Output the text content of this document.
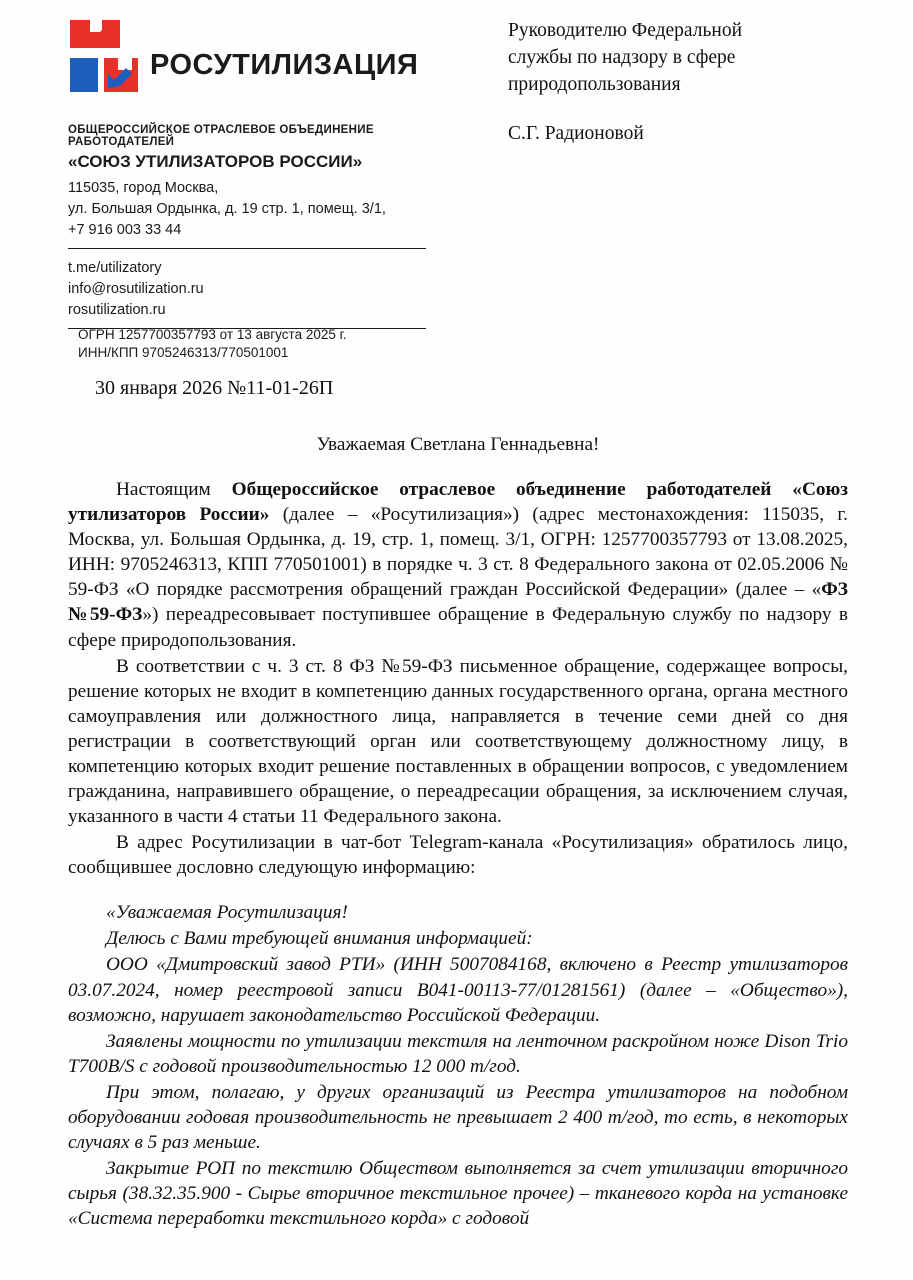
РОСУТИЛИЗАЦИЯ
ОБЩЕРОССИЙСКОЕ ОТРАСЛЕВОЕ ОБЪЕДИНЕНИЕ РАБОТОДАТЕЛЕЙ
«СОЮЗ УТИЛИЗАТОРОВ РОССИИ»
115035, город Москва,
ул. Большая Ордынка, д. 19 стр. 1, помещ. 3/1,
+7 916 003 33 44
t.me/utilizatory
info@rosutilization.ru
rosutilization.ru
ОГРН 1257700357793 от 13 августа 2025 г.
ИНН/КПП 9705246313/770501001
Руководителю Федеральной
службы по надзору в сфере
природопользования
С.Г. Радионовой
30 января 2026 №11-01-26П
Уважаемая Светлана Геннадьевна!

Настоящим Общероссийское отраслевое объединение работодателей «Союз утилизаторов России» (далее – «Росутилизация») (адрес местонахождения: 115035, г. Москва, ул. Большая Ордынка, д. 19, стр. 1, помещ. 3/1, ОГРН: 1257700357793 от 13.08.2025, ИНН: 9705246313, КПП 770501001) в порядке ч. 3 ст. 8 Федерального закона от 02.05.2006 № 59-ФЗ «О порядке рассмотрения обращений граждан Российской Федерации» (далее – «ФЗ №59-ФЗ») переадресовывает поступившее обращение в Федеральную службу по надзору в сфере природопользования.

В соответствии с ч. 3 ст. 8 ФЗ №59-ФЗ письменное обращение, содержащее вопросы, решение которых не входит в компетенцию данных государственного органа, органа местного самоуправления или должностного лица, направляется в течение семи дней со дня регистрации в соответствующий орган или соответствующему должностному лицу, в компетенцию которых входит решение поставленных в обращении вопросов, с уведомлением гражданина, направившего обращение, о переадресации обращения, за исключением случая, указанного в части 4 статьи 11 Федерального закона.

В адрес Росутилизации в чат-бот Telegram-канала «Росутилизация» обратилось лицо, сообщившее дословно следующую информацию:

«Уважаемая Росутилизация!

Делюсь с Вами требующей внимания информацией:

ООО «Дмитровский завод РТИ» (ИНН 5007084168, включено в Реестр утилизаторов 03.07.2024, номер реестровой записи В041-00113-77/01281561) (далее – «Общество»), возможно, нарушает законодательство Российской Федерации.

Заявлены мощности по утилизации текстиля на ленточном раскройном ноже Dison Trio T700B/S с годовой производительностью 12 000 т/год.

При этом, полагаю, у других организаций из Реестра утилизаторов на подобном оборудовании годовая производительность не превышает 2 400 т/год, то есть, в некоторых случаях в 5 раз меньше.

Закрытие РОП по текстилю Обществом выполняется за счет утилизации вторичного сырья (38.32.35.900 - Сырье вторичное текстильное прочее) – тканевого корда на установке «Система переработки текстильного корда» с годовой
